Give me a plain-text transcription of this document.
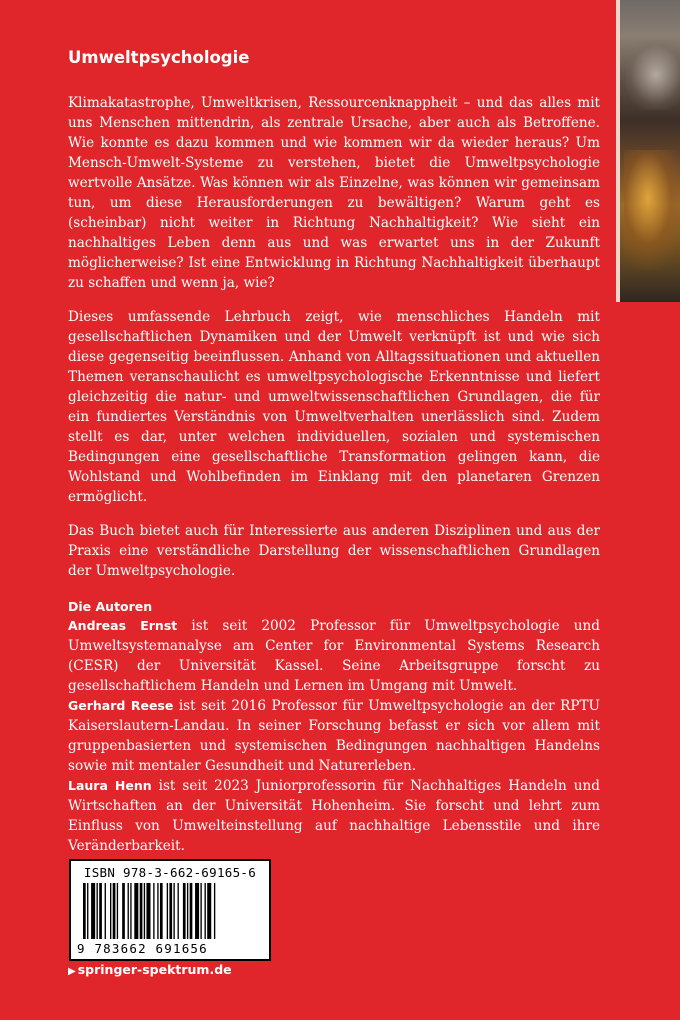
Umweltpsychologie

Klimakatastrophe, Umweltkrisen, Ressourcenknappheit – und das alles mit uns Menschen mittendrin, als zentrale Ursache, aber auch als Betroffene. Wie konnte es dazu kommen und wie kommen wir da wieder heraus? Um Mensch-Umwelt-Systeme zu verstehen, bietet die Umweltpsychologie wertvolle Ansätze. Was können wir als Einzelne, was können wir gemeinsam tun, um diese Herausforderungen zu bewältigen? Warum geht es (scheinbar) nicht weiter in Richtung Nachhaltigkeit? Wie sieht ein nachhaltiges Leben denn aus und was erwartet uns in der Zukunft möglicherweise? Ist eine Entwicklung in Richtung Nachhaltigkeit überhaupt zu schaffen und wenn ja, wie?

Dieses umfassende Lehrbuch zeigt, wie menschliches Handeln mit gesellschaftlichen Dynamiken und der Umwelt verknüpft ist und wie sich diese gegenseitig beeinflussen. Anhand von Alltagssituationen und aktuellen Themen veranschaulicht es umweltpsychologische Erkenntnisse und liefert gleichzeitig die natur- und umweltwissenschaftlichen Grundlagen, die für ein fundiertes Verständnis von Umweltverhalten unerlässlich sind. Zudem stellt es dar, unter welchen individuellen, sozialen und systemischen Bedingungen eine gesellschaftliche Transformation gelingen kann, die Wohlstand und Wohlbefinden im Einklang mit den planetaren Grenzen ermöglicht.

Das Buch bietet auch für Interessierte aus anderen Disziplinen und aus der Praxis eine verständliche Darstellung der wissenschaftlichen Grundlagen der Umweltpsychologie.

Die Autoren

Andreas Ernst ist seit 2002 Professor für Umweltpsychologie und Umweltsystemanalyse am Center for Environmental Systems Research (CESR) der Universität Kassel. Seine Arbeitsgruppe forscht zu gesellschaftlichem Handeln und Lernen im Umgang mit Umwelt.

Gerhard Reese ist seit 2016 Professor für Umweltpsychologie an der RPTU Kaiserslautern-Landau. In seiner Forschung befasst er sich vor allem mit gruppenbasierten und systemischen Bedingungen nachhaltigen Handelns sowie mit mentaler Gesundheit und Naturerleben.

Laura Henn ist seit 2023 Juniorprofessorin für Nachhaltiges Handeln und Wirtschaften an der Universität Hohenheim. Sie forscht und lehrt zum Einfluss von Umwelteinstellung auf nachhaltige Lebensstile und ihre Veränderbarkeit.

ISBN 978-3-662-69165-6
9 783662 691656
▶ springer-spektrum.de
